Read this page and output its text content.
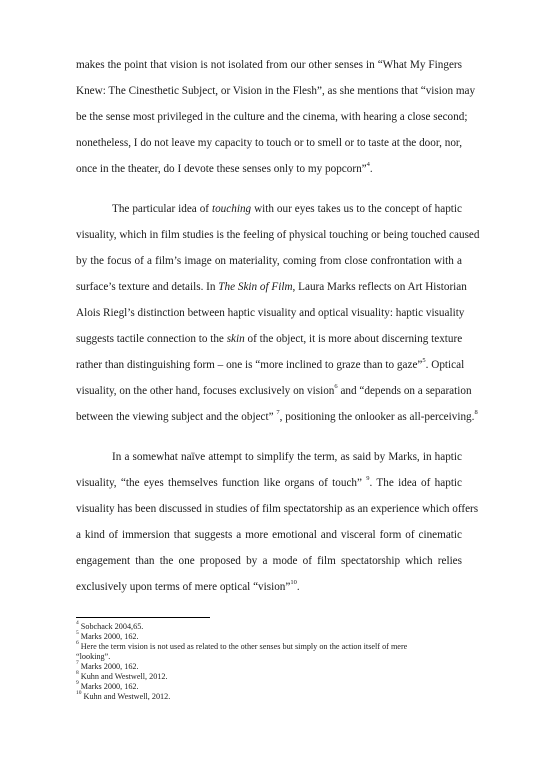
makes the point that vision is not isolated from our other senses in “What My Fingers
Knew: The Cinesthetic Subject, or Vision in the Flesh”, as she mentions that “vision may
be the sense most privileged in the culture and the cinema, with hearing a close second;
nonetheless, I do not leave my capacity to touch or to smell or to taste at the door, nor,
once in the theater, do I devote these senses only to my popcorn”$^4$.
The particular idea of touching with our eyes takes us to the concept of haptic
visuality, which in film studies is the feeling of physical touching or being touched caused
by the focus of a film’s image on materiality, coming from close confrontation with a
surface’s texture and details. In The Skin of Film, Laura Marks reflects on Art Historian
Alois Riegl’s distinction between haptic visuality and optical visuality: haptic visuality
suggests tactile connection to the skin of the object, it is more about discerning texture
rather than distinguishing form – one is “more inclined to graze than to gaze”$^5$. Optical
visuality, on the other hand, focuses exclusively on vision$^6$ and “depends on a separation
between the viewing subject and the object” $^7$, positioning the onlooker as all-perceiving.$^8$
In a somewhat naïve attempt to simplify the term, as said by Marks, in haptic
visuality, “the eyes themselves function like organs of touch” $^9$. The idea of haptic
visuality has been discussed in studies of film spectatorship as an experience which offers
a kind of immersion that suggests a more emotional and visceral form of cinematic
engagement than the one proposed by a mode of film spectatorship which relies
exclusively upon terms of mere optical “vision”$^{10}$.
$^4$ Sobchack 2004,65.
$^5$ Marks 2000, 162.
$^6$ Here the term vision is not used as related to the other senses but simply on the action itself of mere
“looking”.
$^7$ Marks 2000, 162.
$^8$ Kuhn and Westwell, 2012.
$^9$ Marks 2000, 162.
$^{10}$ Kuhn and Westwell, 2012.
